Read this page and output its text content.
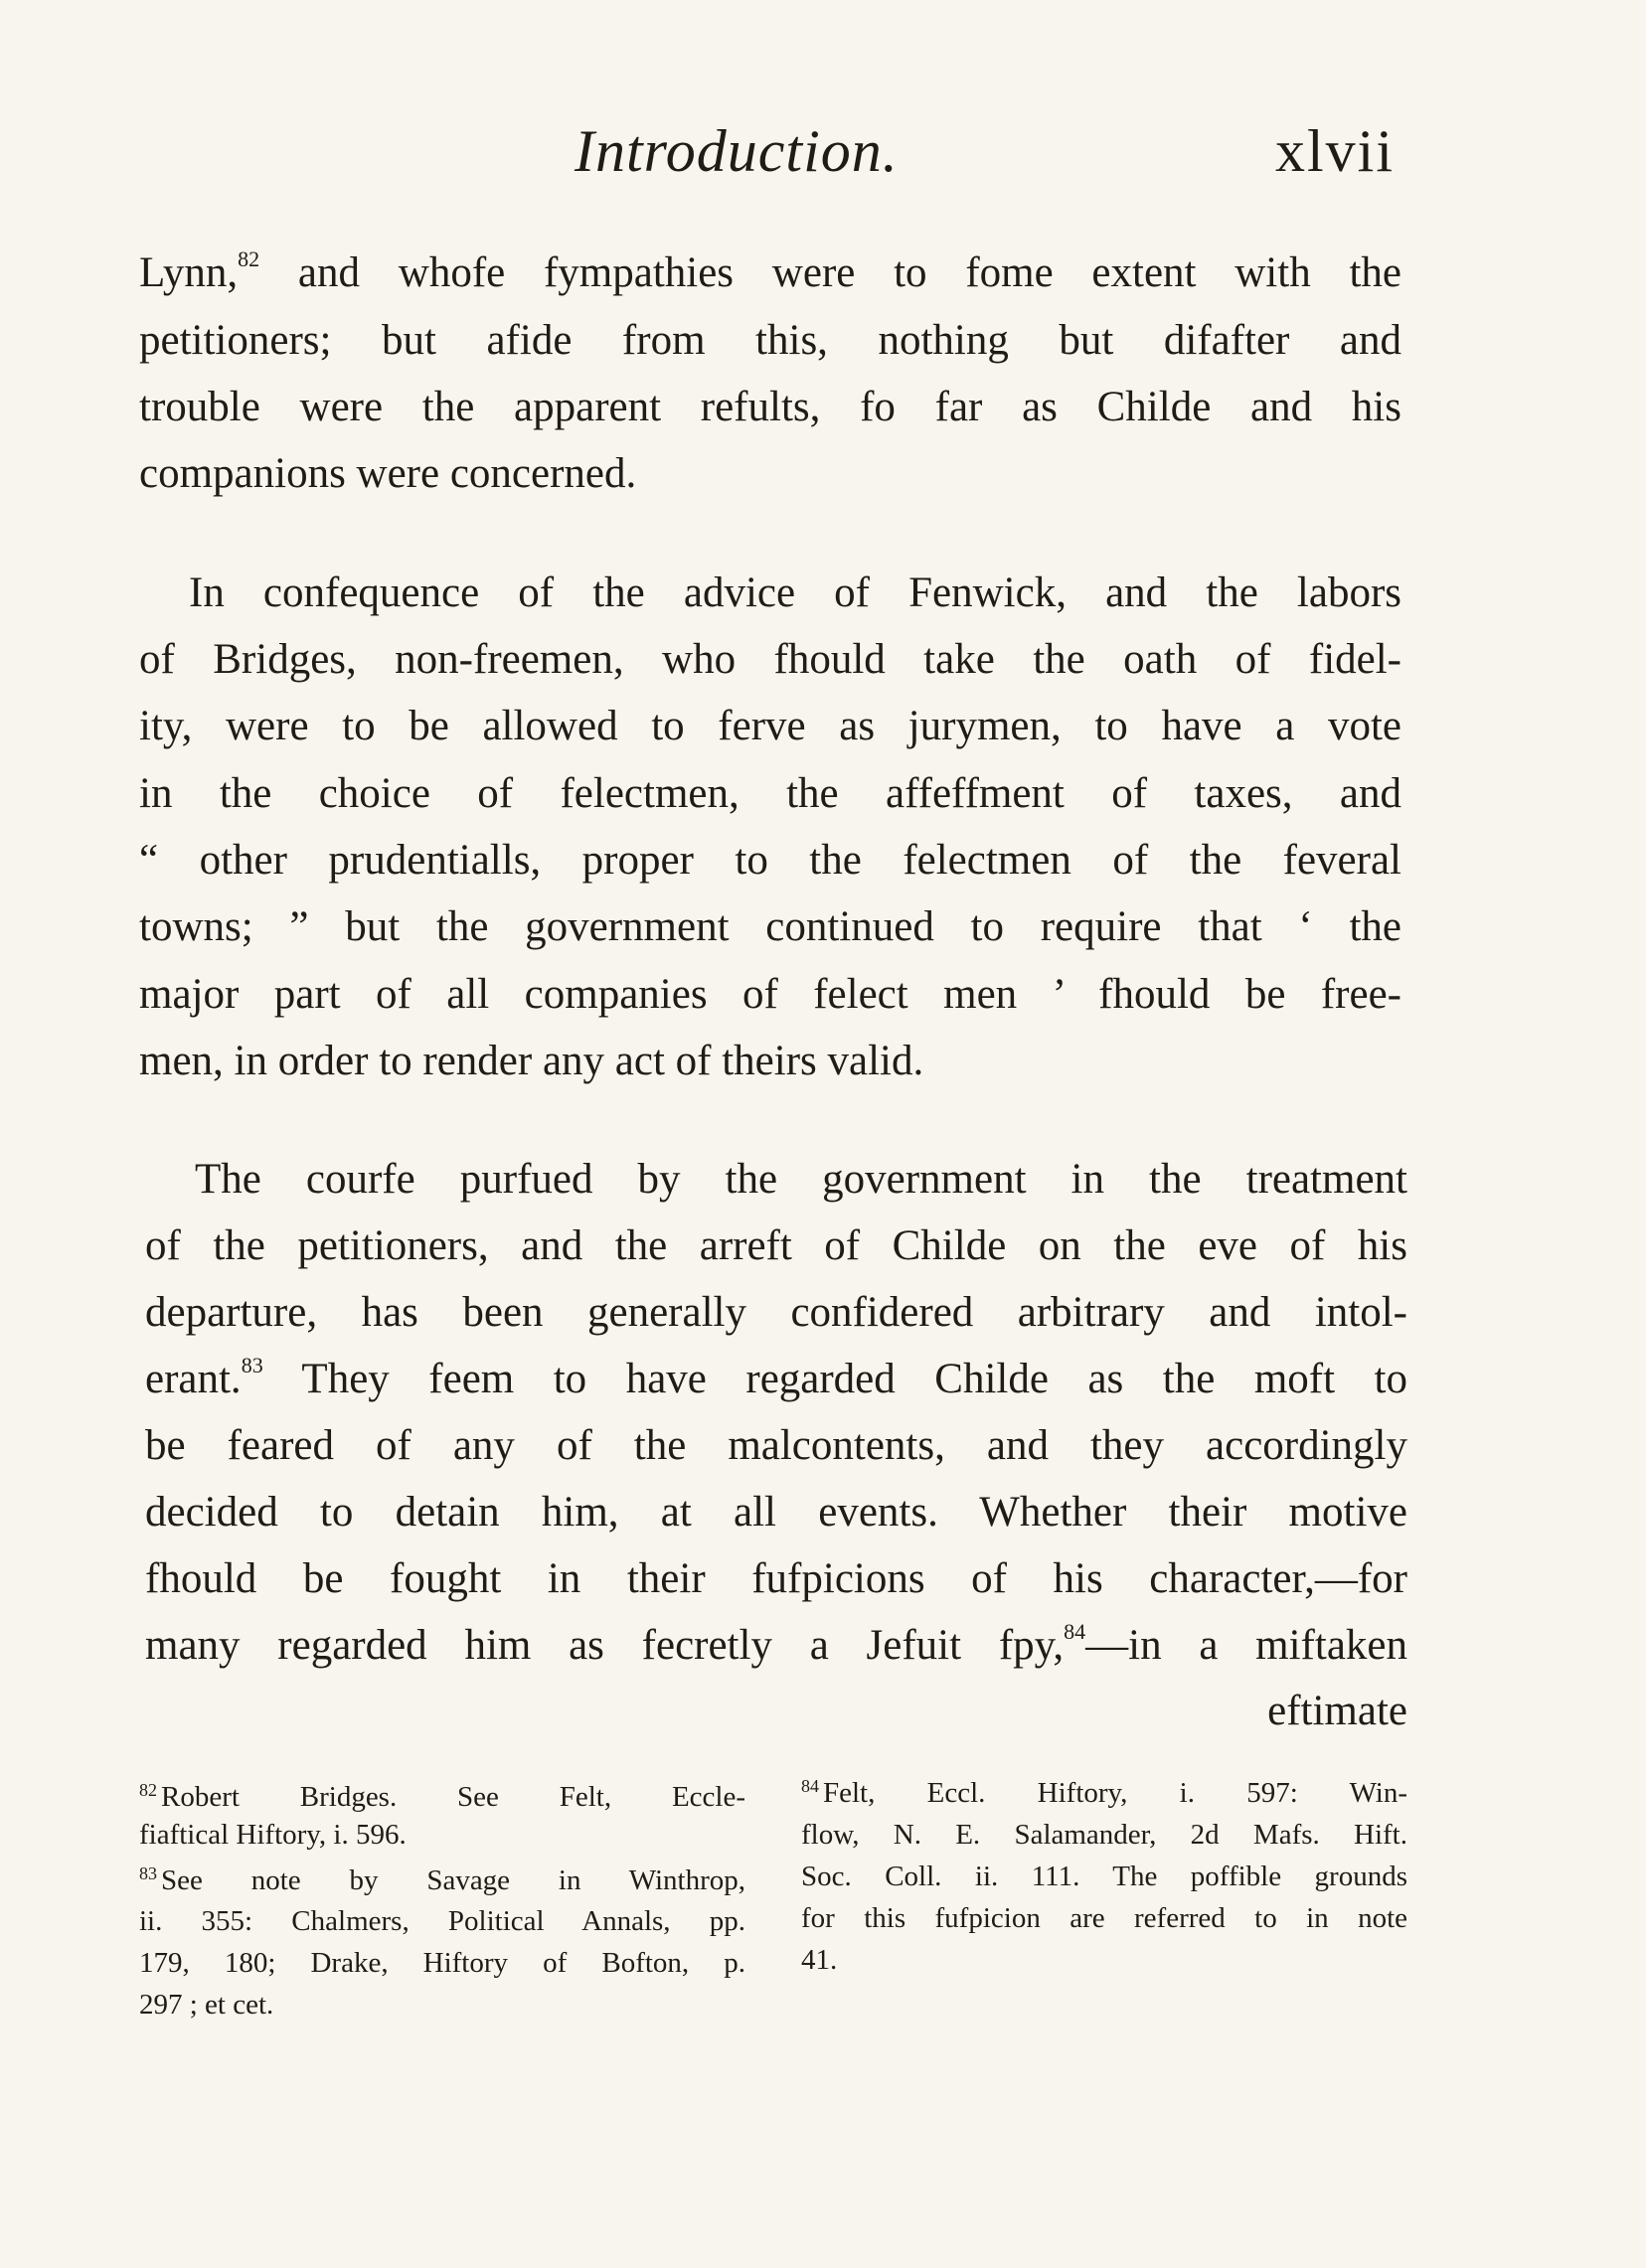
Introduction.	xlvii
Lynn,$^{82}$ and whofe fympathies were to fome extent with the
petitioners; but afide from this, nothing but difafter and
trouble were the apparent refults, fo far as Childe and his
companions were concerned.
In confequence of the advice of Fenwick, and the labors
of Bridges, non-freemen, who fhould take the oath of fidel-
ity, were to be allowed to ferve as jurymen, to have a vote
in the choice of felectmen, the affeffment of taxes, and
“ other prudentialls, proper to the felectmen of the feveral
towns; ” but the government continued to require that ‘ the
major part of all companies of felect men ’ fhould be free-
men, in order to render any act of theirs valid.
The courfe purfued by the government in the treatment
of the petitioners, and the arreft of Childe on the eve of his
departure, has been generally confidered arbitrary and intol-
erant.$^{83}$ They feem to have regarded Childe as the moft to
be feared of any of the malcontents, and they accordingly
decided to detain him, at all events. Whether their motive
fhould be fought in their fufpicions of his character,—for
many regarded him as fecretly a Jefuit fpy,$^{84}$—in a miftaken
eftimate
$^{82}$ Robert Bridges. See Felt, Eccle-
fiaftical Hiftory, i. 596.
$^{83}$ See note by Savage in Winthrop,
ii. 355: Chalmers, Political Annals, pp.
179, 180; Drake, Hiftory of Bofton, p.
297 ; et cet.
$^{84}$ Felt, Eccl. Hiftory, i. 597: Win-
flow, N. E. Salamander, 2d Mafs. Hift.
Soc. Coll. ii. 111. The poffible grounds
for this fufpicion are referred to in note
41.
